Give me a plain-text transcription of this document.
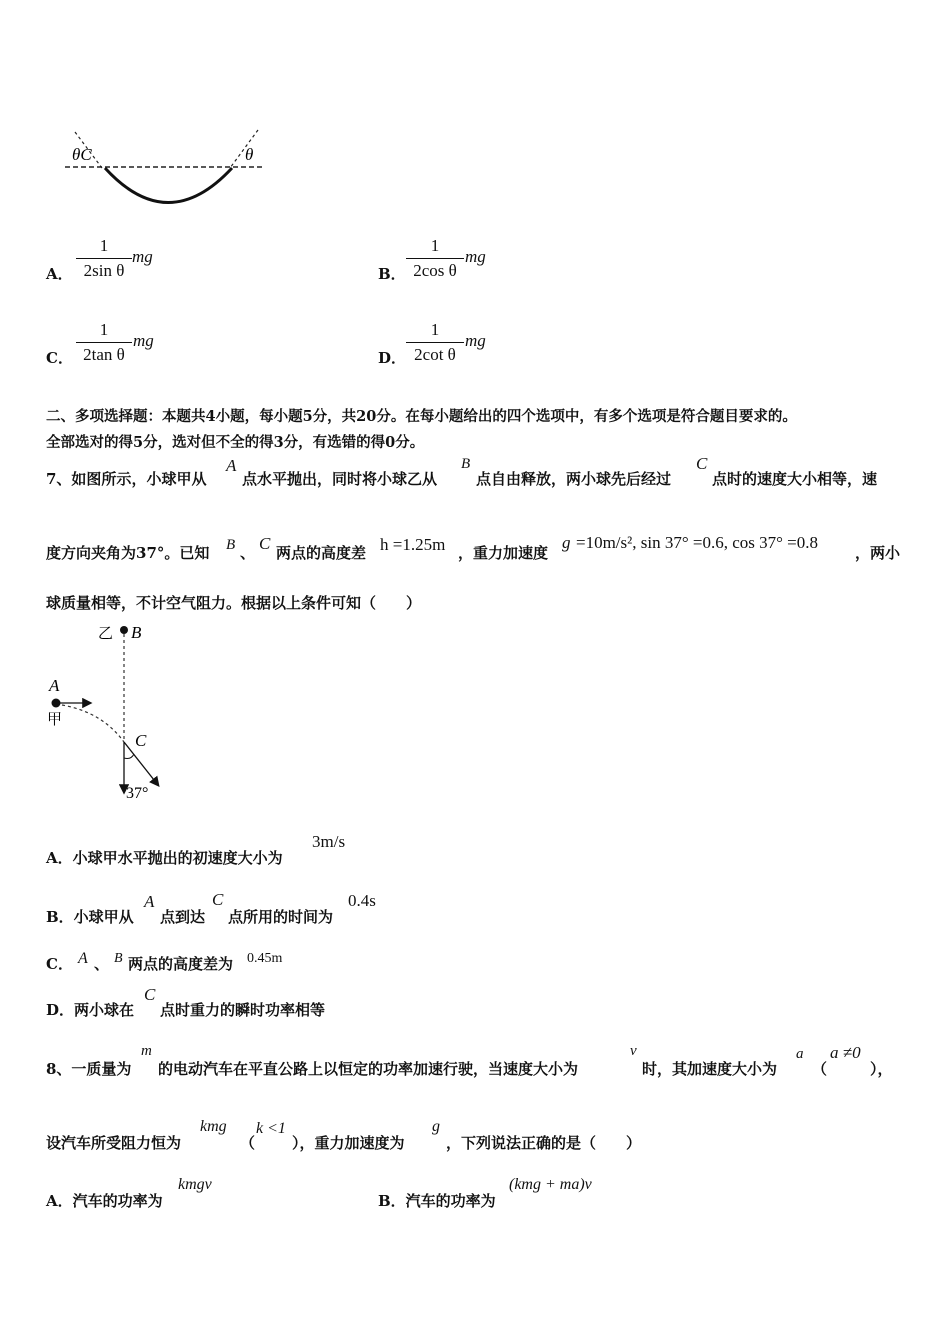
θC	θ
A．
1
2sin θ
mg
B．
1
2cos θ
mg
C．
1
2tan θ
mg
D．
1
2cot θ
mg
二、多项选择题：本题共4小题，每小题5分，共20分。在每小题给出的四个选项中，有多个选项是符合题目要求的。
全部选对的得5分，选对但不全的得3分，有选错的得0分。
7、如图所示，小球甲从
A
点水平抛出，同时将小球乙从
B
点自由释放，两小球先后经过
C
点时的速度大小相等，速
度方向夹角为37°。已知 B 、 C 两点的高度差 h =1.25m ，重力加速度
g =10m/s², sin 37° =0.6, cos 37° =0.8
，两小
球质量相等，不计空气阻力。根据以上条件可知（　　）
乙 B
A
甲
C
37°
A．小球甲水平抛出的初速度大小为
3m/s
B．小球甲从
A
点到达
C
点所用的时间为
0.4s
C． A 、 B 两点的高度差为 0.45m
D．两小球在
C
点时重力的瞬时功率相等
8、一质量为
m
的电动汽车在平直公路上以恒定的功率加速行驶，当速度大小为
v
时，其加速度大小为
a
（
a ≠0
），
设汽车所受阻力恒为
kmg
（
k <1
），重力加速度为
g
，下列说法正确的是（　　）
A．汽车的功率为
kmgv
B．汽车的功率为
(kmg + ma)v
